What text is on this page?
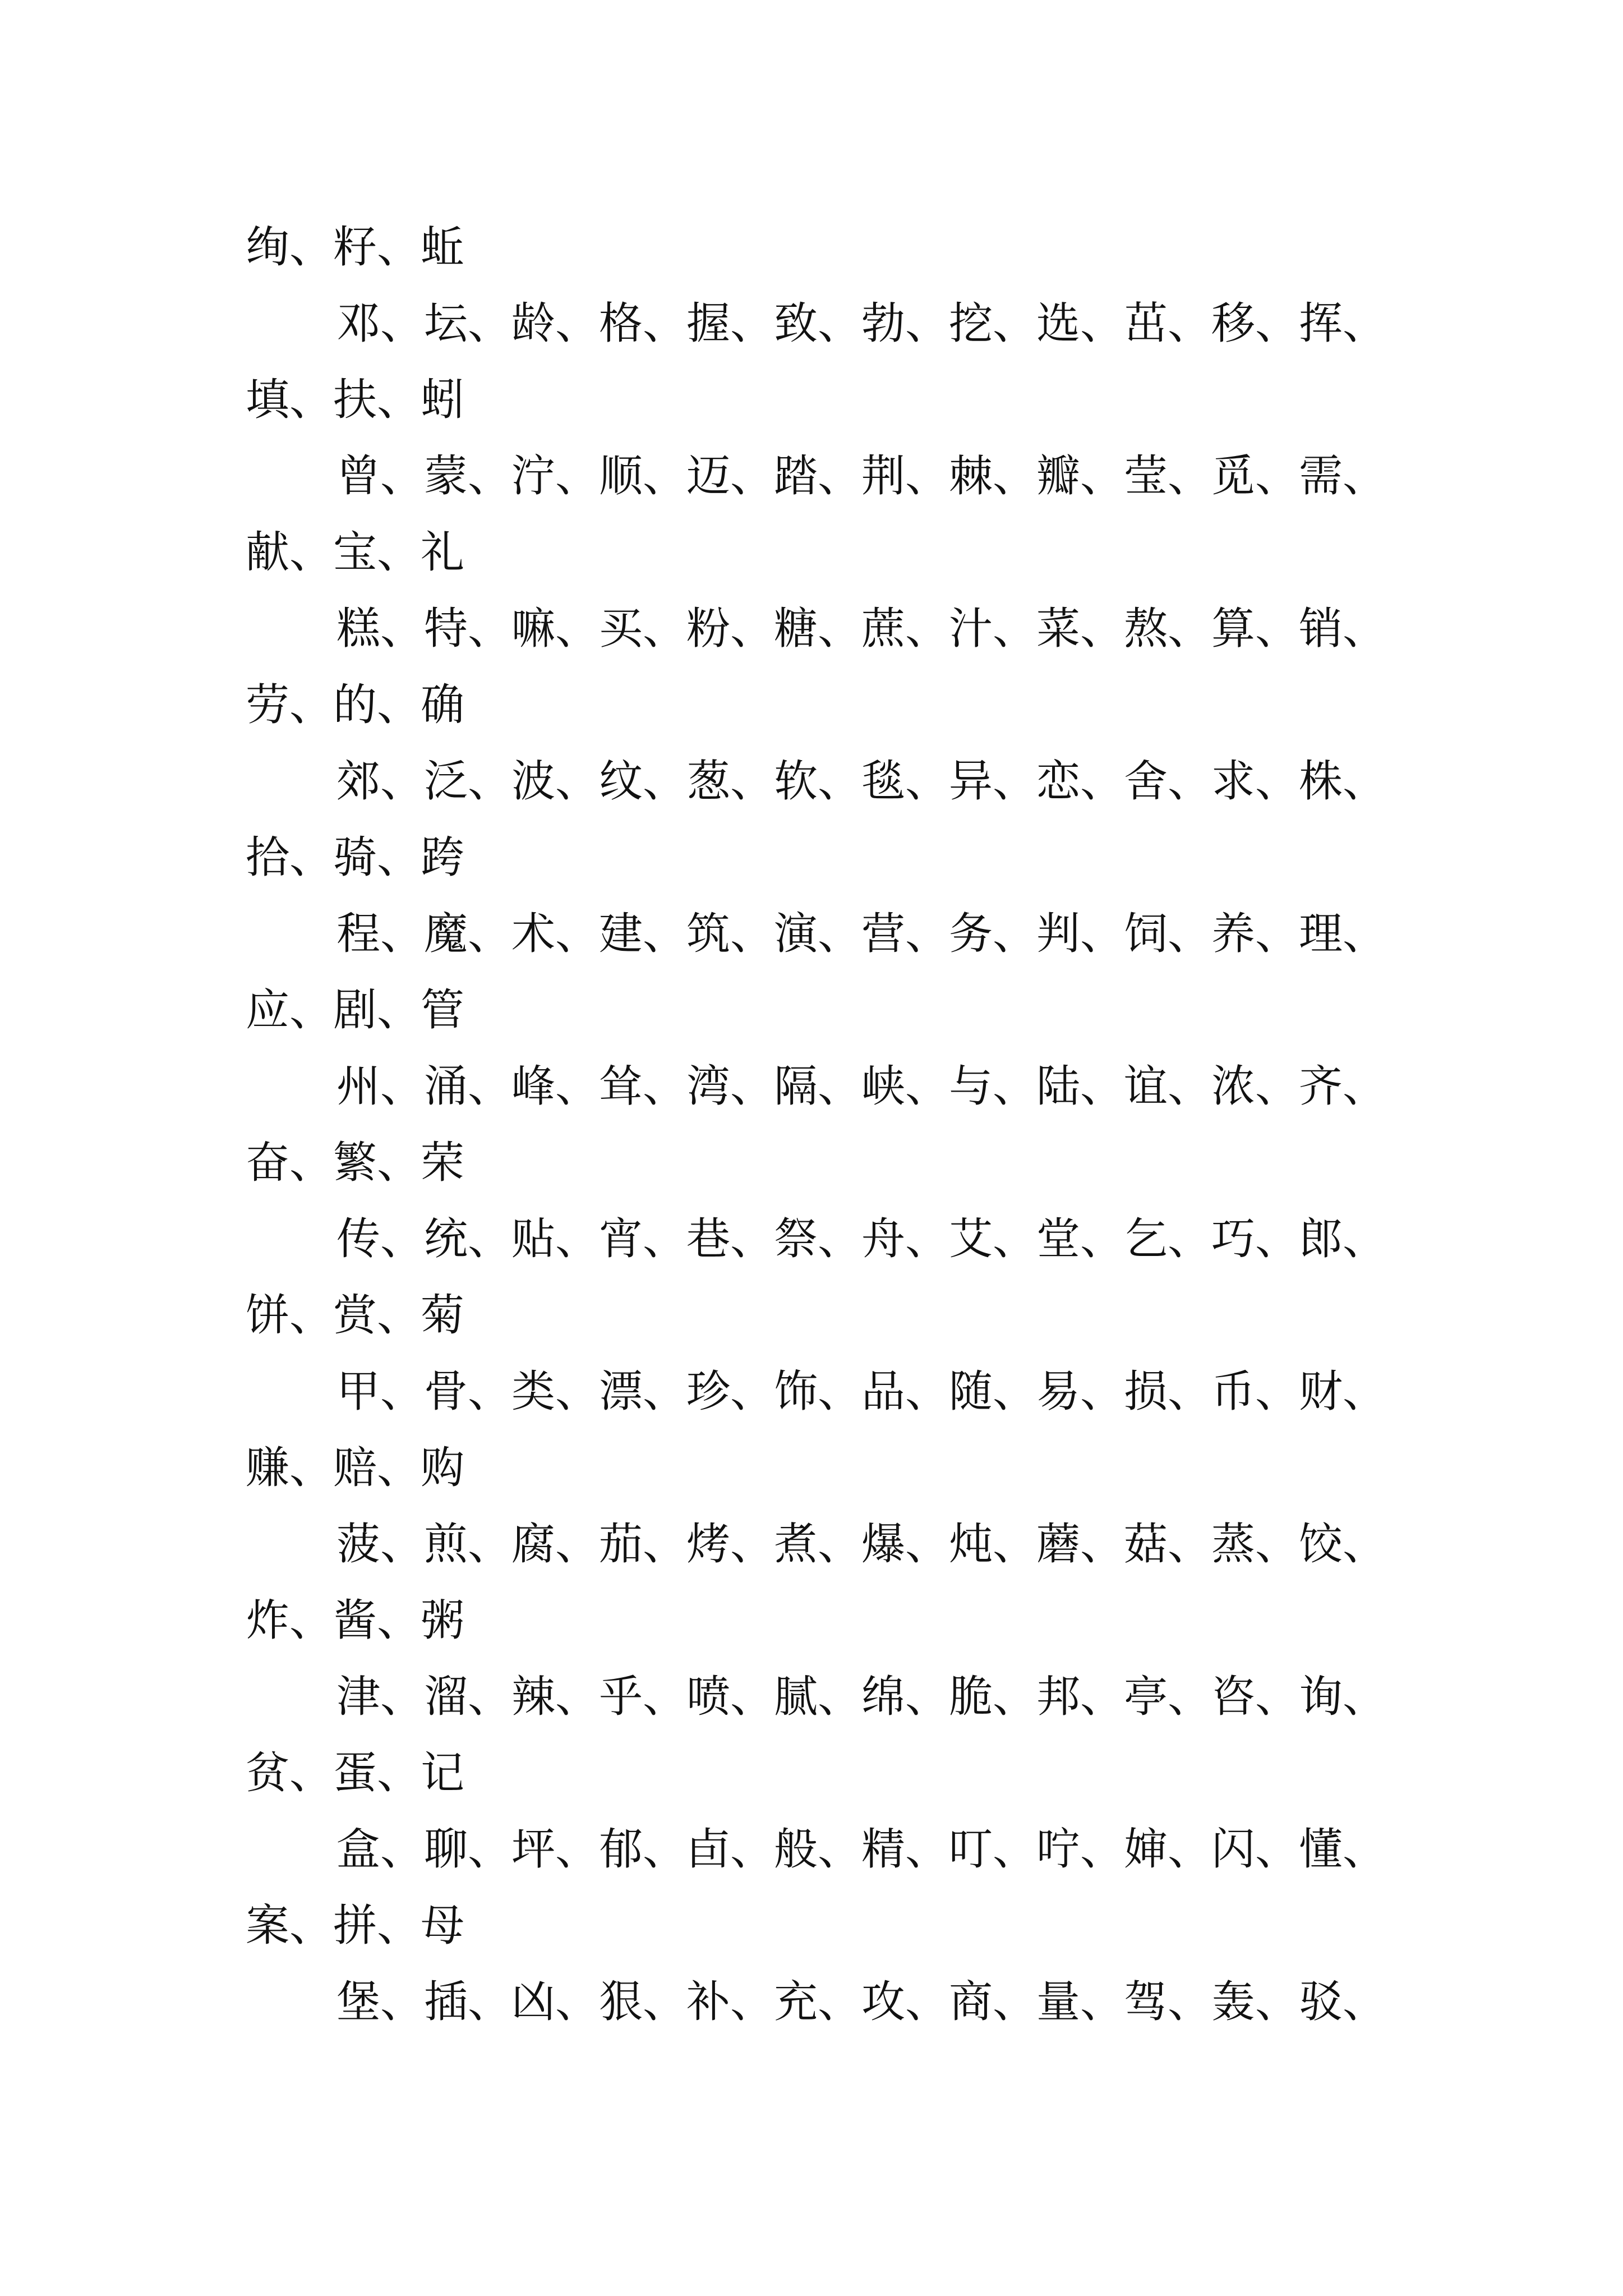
绚、籽、蚯
邓、坛、龄、格、握、致、勃、挖、选、茁、移、挥、
填、扶、蚓
曾、蒙、泞、顺、迈、踏、荆、棘、瓣、莹、觅、需、
献、宝、礼
糕、特、嘛、买、粉、糖、蔗、汁、菜、熬、算、销、
劳、的、确
郊、泛、波、纹、葱、软、毯、异、恋、舍、求、株、
拾、骑、跨
程、魔、术、建、筑、演、营、务、判、饲、养、理、
应、剧、管
州、涌、峰、耸、湾、隔、峡、与、陆、谊、浓、齐、
奋、繁、荣
传、统、贴、宵、巷、祭、舟、艾、堂、乞、巧、郎、
饼、赏、菊
甲、骨、类、漂、珍、饰、品、随、易、损、币、财、
赚、赔、购
菠、煎、腐、茄、烤、煮、爆、炖、蘑、菇、蒸、饺、
炸、酱、粥
津、溜、辣、乎、喷、腻、绵、脆、邦、亭、咨、询、
贫、蛋、记
盒、聊、坪、郁、卣、般、精、叮、咛、婶、闪、懂、
案、拼、母
堡、插、凶、狠、补、充、攻、商、量、驾、轰、驳、
